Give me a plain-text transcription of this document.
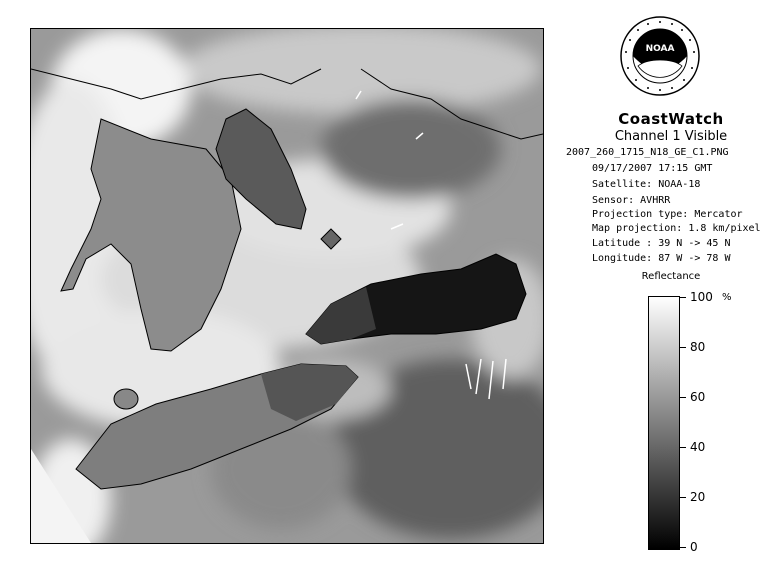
NOAA
CoastWatch
Channel 1 Visible
2007_260_1715_N18_GE_C1.PNG
09/17/2007 17:15 GMT
Satellite: NOAA-18
Sensor: AVHRR
Projection type: Mercator
Map projection: 1.8 km/pixel
Latitude : 39 N -> 45 N
Longitude: 87 W -> 78 W
Reflectance
%
100
80
60
40
20
0
